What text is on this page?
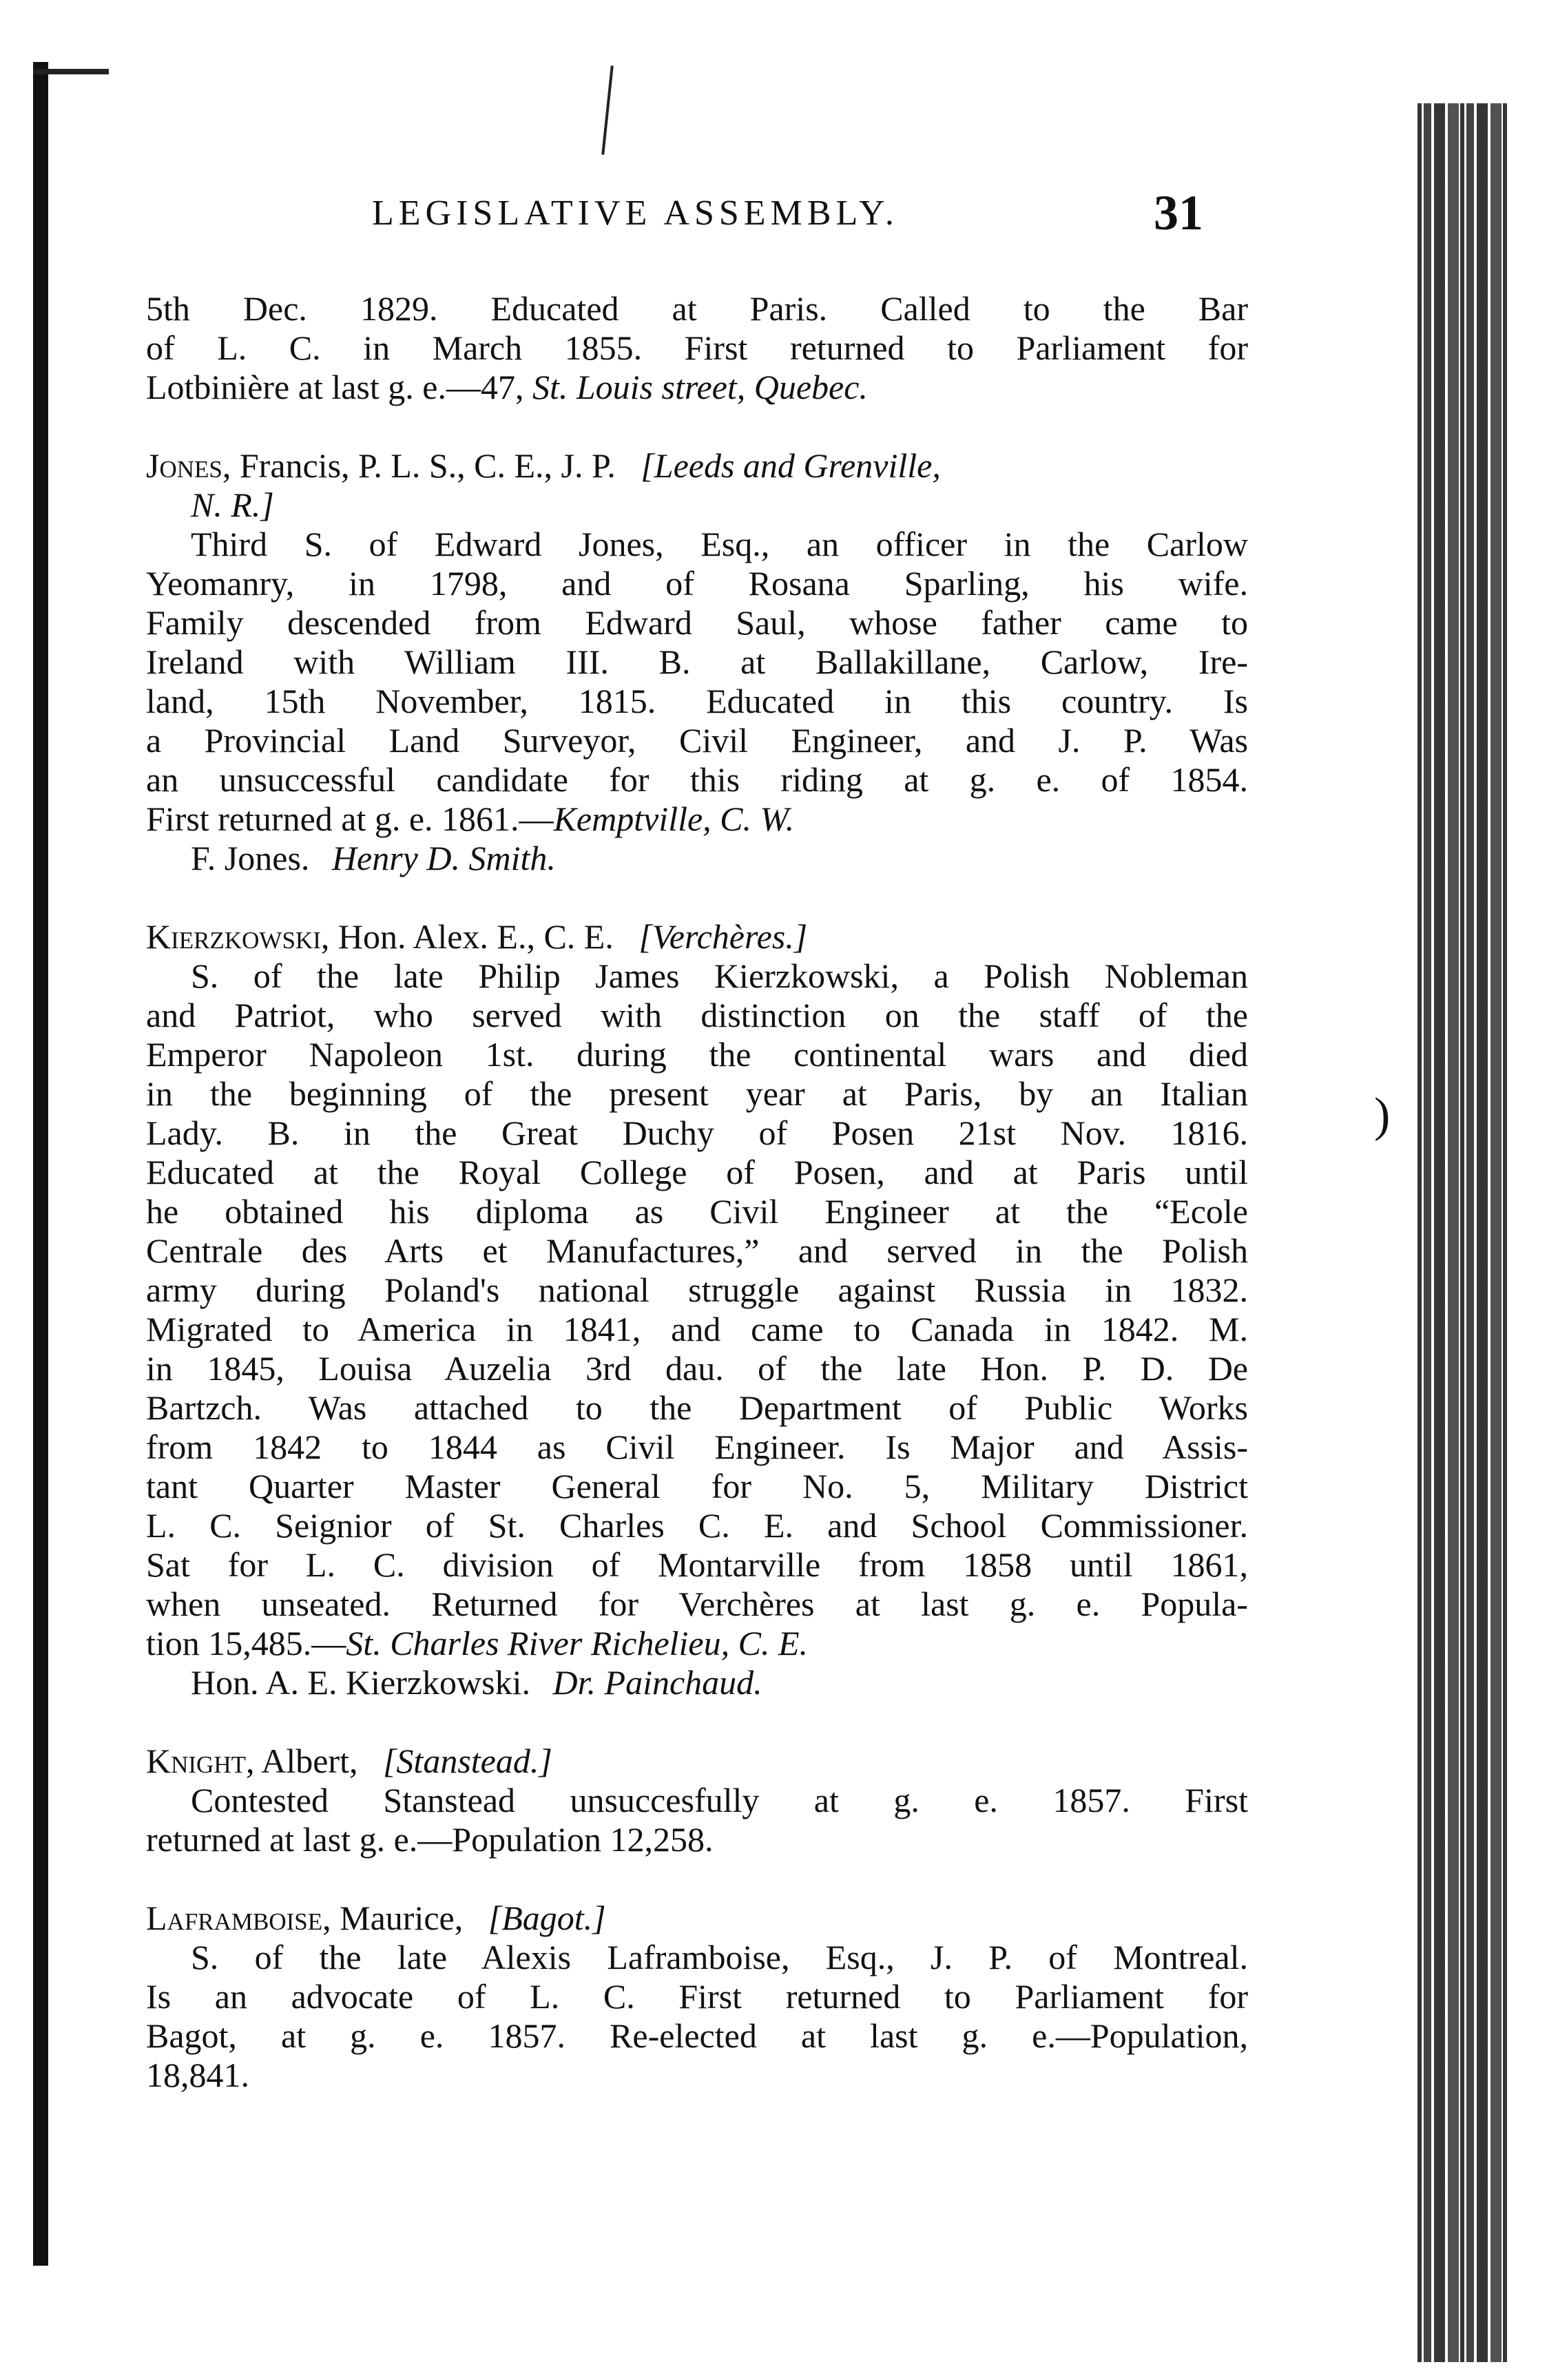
LEGISLATIVE ASSEMBLY.	31
5th Dec. 1829. Educated at Paris. Called to the Bar
of L. C. in March 1855. First returned to Parliament for
Lotbinière at last g. e.—47, St. Louis street, Quebec.
Jones, Francis, P. L. S., C. E., J. P. [Leeds and Grenville,
N. R.]
Third S. of Edward Jones, Esq., an officer in the Carlow
Yeomanry, in 1798, and of Rosana Sparling, his wife.
Family descended from Edward Saul, whose father came to
Ireland with William III. B. at Ballakillane, Carlow, Ire-
land, 15th November, 1815. Educated in this country. Is
a Provincial Land Surveyor, Civil Engineer, and J. P. Was
an unsuccessful candidate for this riding at g. e. of 1854.
First returned at g. e. 1861.—Kemptville, C. W.
F. Jones. Henry D. Smith.
Kierzkowski, Hon. Alex. E., C. E. [Verchères.]
S. of the late Philip James Kierzkowski, a Polish Nobleman
and Patriot, who served with distinction on the staff of the
Emperor Napoleon 1st. during the continental wars and died
in the beginning of the present year at Paris, by an Italian
Lady. B. in the Great Duchy of Posen 21st Nov. 1816.
Educated at the Royal College of Posen, and at Paris until
he obtained his diploma as Civil Engineer at the “Ecole
Centrale des Arts et Manufactures,” and served in the Polish
army during Poland's national struggle against Russia in 1832.
Migrated to America in 1841, and came to Canada in 1842. M.
in 1845, Louisa Auzelia 3rd dau. of the late Hon. P. D. De
Bartzch. Was attached to the Department of Public Works
from 1842 to 1844 as Civil Engineer. Is Major and Assis-
tant Quarter Master General for No. 5, Military District
L. C. Seignior of St. Charles C. E. and School Commissioner.
Sat for L. C. division of Montarville from 1858 until 1861,
when unseated. Returned for Verchères at last g. e. Popula-
tion 15,485.—St. Charles River Richelieu, C. E.
Hon. A. E. Kierzkowski. Dr. Painchaud.
Knight, Albert, [Stanstead.]
Contested Stanstead unsuccesfully at g. e. 1857. First
returned at last g. e.—Population 12,258.
Laframboise, Maurice, [Bagot.]
S. of the late Alexis Laframboise, Esq., J. P. of Montreal.
Is an advocate of L. C. First returned to Parliament for
Bagot, at g. e. 1857. Re-elected at last g. e.—Population,
18,841.
)
